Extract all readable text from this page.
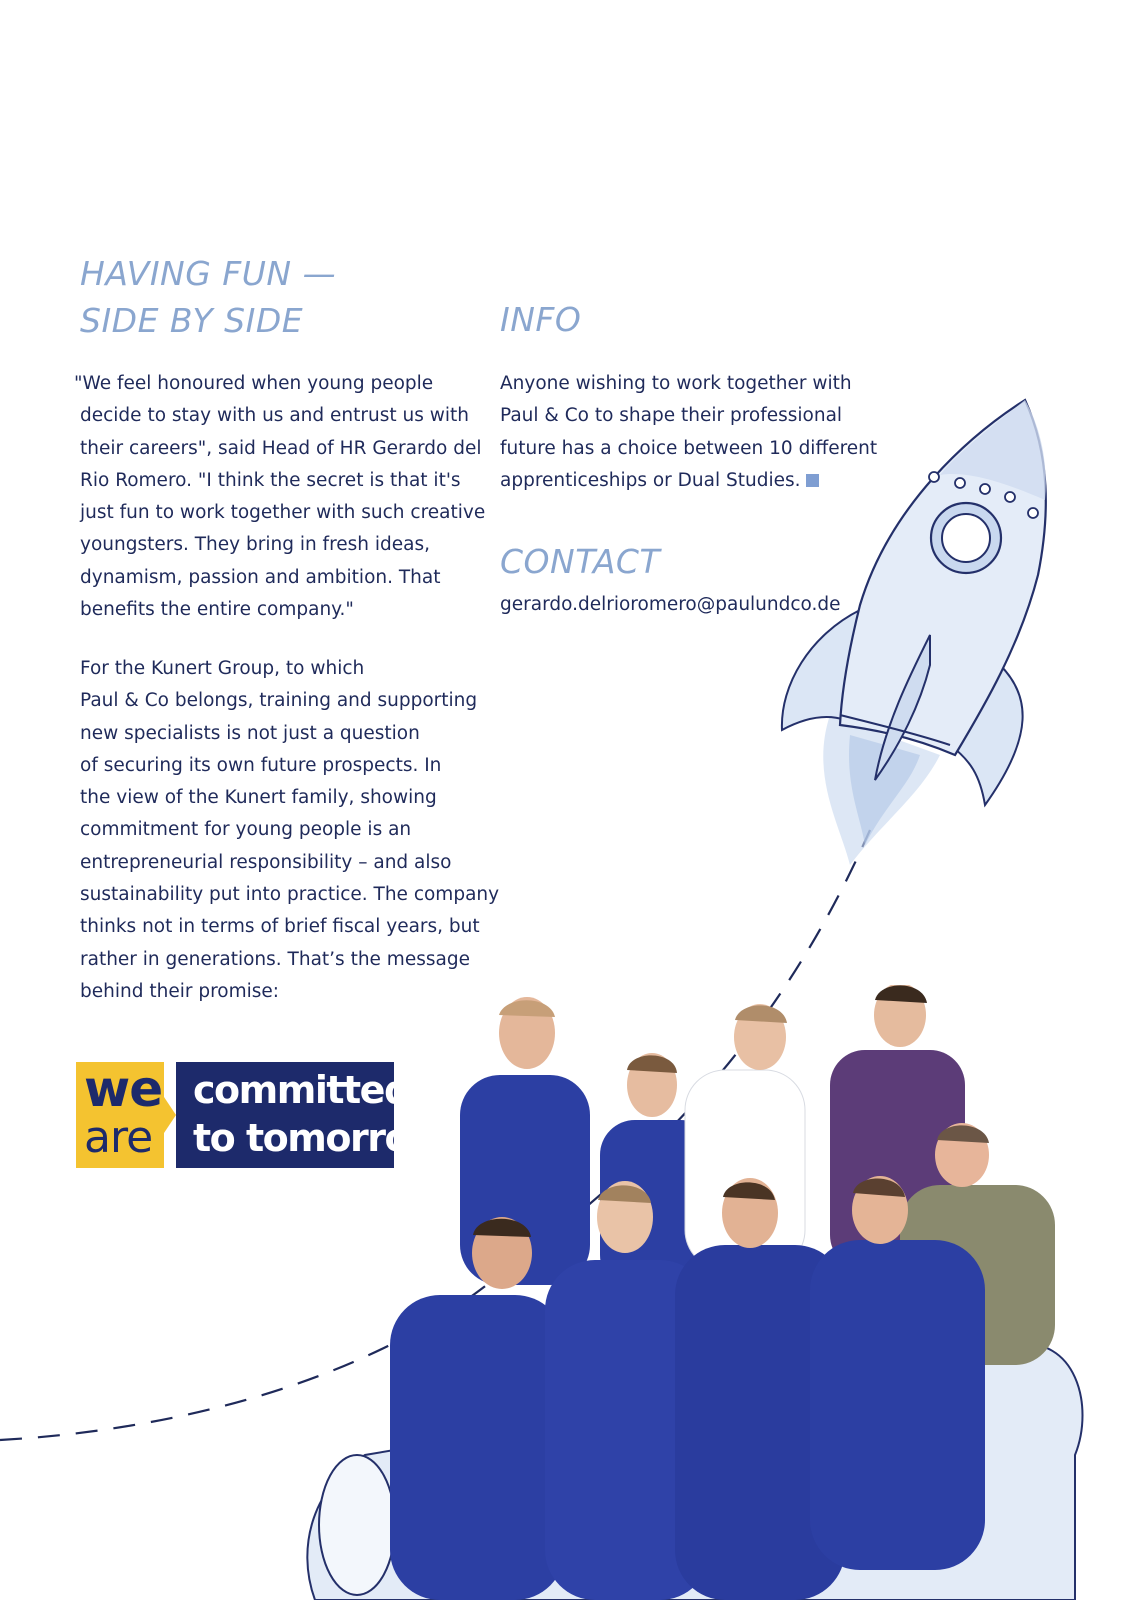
HAVING FUN —
SIDE BY SIDE
"We feel honoured when young people
decide to stay with us and entrust us with
their careers", said Head of HR Gerardo del
Rio Romero. "I think the secret is that it's
just fun to work together with such creative
youngsters. They bring in fresh ideas,
dynamism, passion and ambition. That
benefits the entire company."
For the Kunert Group, to which
Paul & Co belongs, training and supporting
new specialists is not just a question
of securing its own future prospects. In
the view of the Kunert family, showing
commitment for young people is an
entrepreneurial responsibility – and also
sustainability put into practice. The company
thinks not in terms of brief fiscal years, but
rather in generations. That’s the message
behind their promise:
INFO
Anyone wishing to work together with
Paul & Co to shape their professional
future has a choice between 10 different
apprenticeships or Dual Studies.
CONTACT
gerardo.delrioromero@paulundco.de
we
are
committed
to tomorrow
